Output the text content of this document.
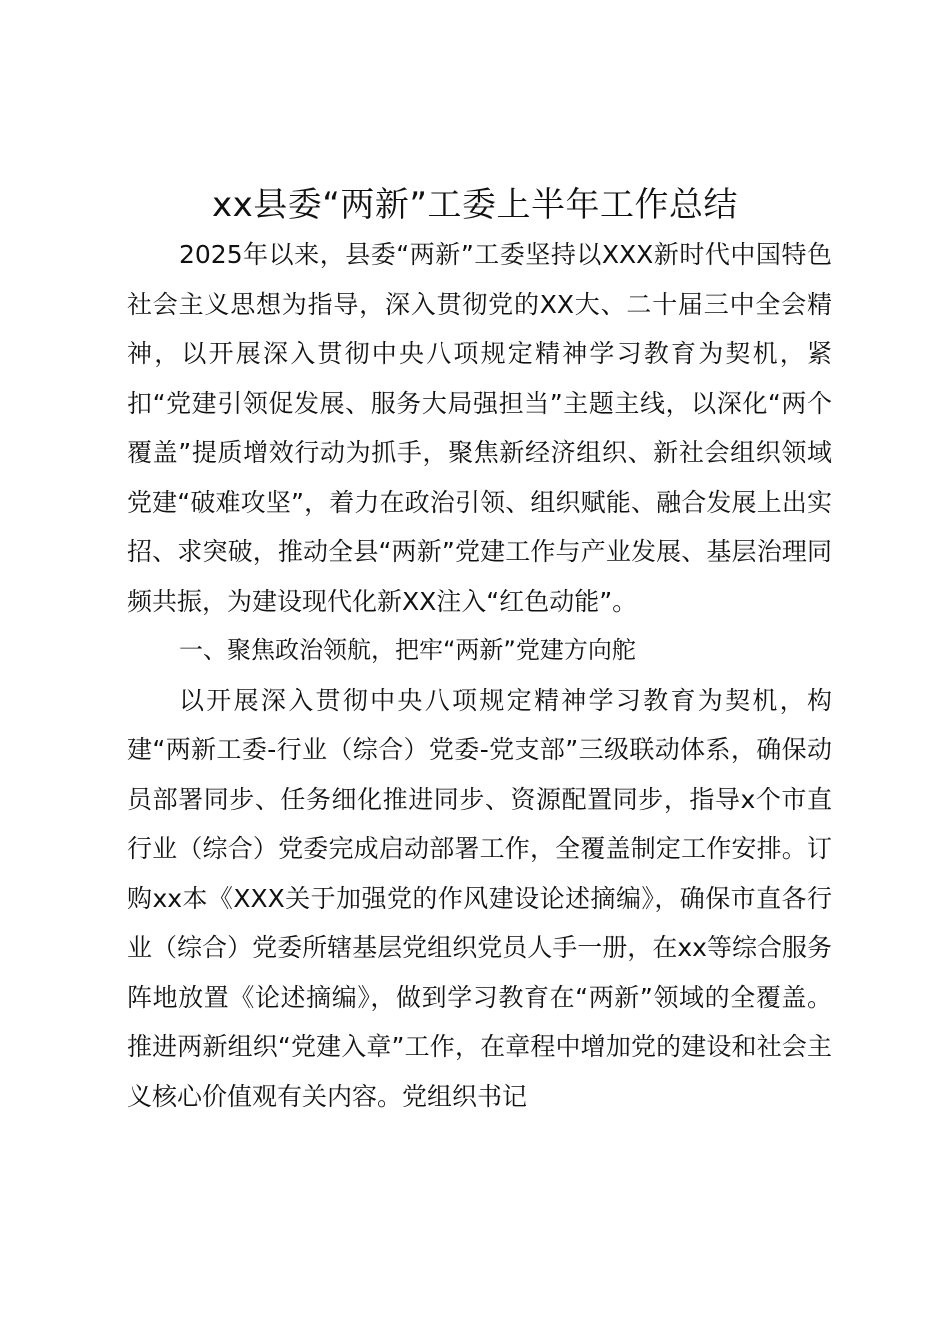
xx县委“两新”工委上半年工作总结

2025年以来，县委“两新”工委坚持以XXX新时代中国特色社会主义思想为指导，深入贯彻党的XX大、二十届三中全会精神，以开展深入贯彻中央八项规定精神学习教育为契机，紧扣“党建引领促发展、服务大局强担当”主题主线，以深化“两个覆盖”提质增效行动为抓手，聚焦新经济组织、新社会组织领域党建“破难攻坚”，着力在政治引领、组织赋能、融合发展上出实招、求突破，推动全县“两新”党建工作与产业发展、基层治理同频共振，为建设现代化新XX注入“红色动能”。

一、聚焦政治领航，把牢“两新”党建方向舵

以开展深入贯彻中央八项规定精神学习教育为契机，构建“两新工委-行业（综合）党委-党支部”三级联动体系，确保动员部署同步、任务细化推进同步、资源配置同步，指导x个市直行业（综合）党委完成启动部署工作，全覆盖制定工作安排。订购xx本《XXX关于加强党的作风建设论述摘编》，确保市直各行业（综合）党委所辖基层党组织党员人手一册，在xx等综合服务阵地放置《论述摘编》，做到学习教育在“两新”领域的全覆盖。推进两新组织“党建入章”工作，在章程中增加党的建设和社会主义核心价值观有关内容。党组织书记
